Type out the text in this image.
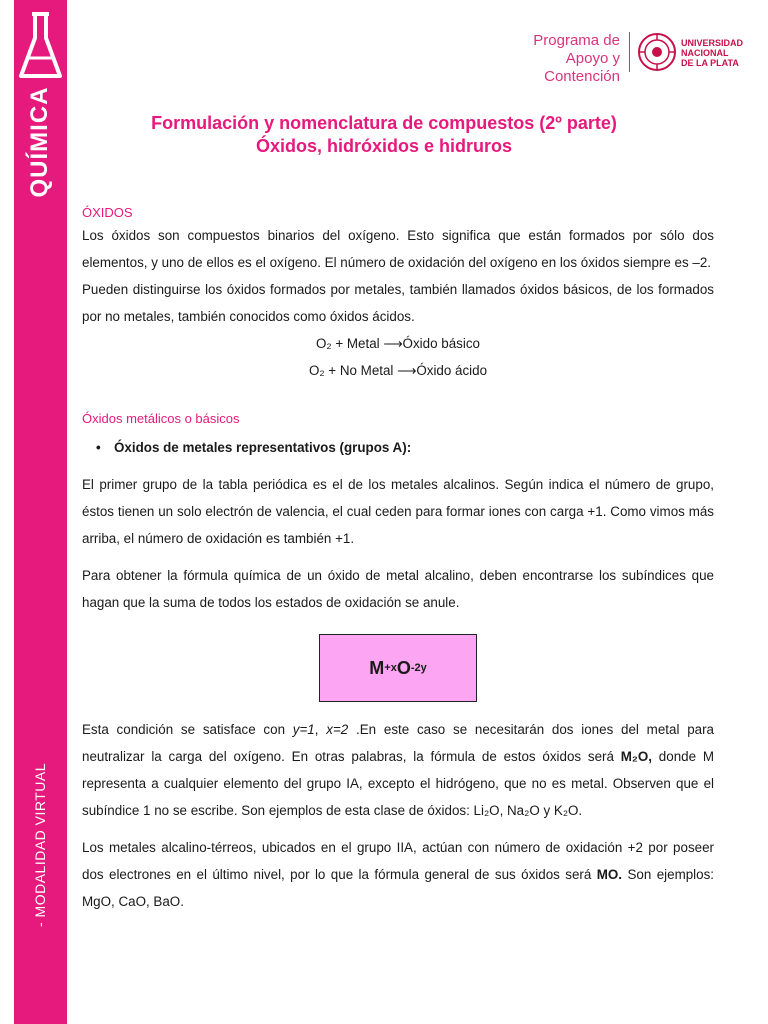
QUÍMICA
- MODALIDAD VIRTUAL
Programa de
Apoyo y Contención
UNIVERSIDAD
NACIONAL
DE LA PLATA
Formulación y nomenclatura de compuestos (2º parte)
Óxidos, hidróxidos e hidruros
ÓXIDOS

Los óxidos son compuestos binarios del oxígeno. Esto significa que están formados por sólo dos elementos, y uno de ellos es el oxígeno. El número de oxidación del oxígeno en los óxidos siempre es –2.

Pueden distinguirse los óxidos formados por metales, también llamados óxidos básicos, de los formados por no metales, también conocidos como óxidos ácidos.

O₂ + Metal ⟶Óxido básico

O₂ + No Metal ⟶Óxido ácido

Óxidos metálicos o básicos
• Óxidos de metales representativos (grupos A):

El primer grupo de la tabla periódica es el de los metales alcalinos. Según indica el número de grupo, éstos tienen un solo electrón de valencia, el cual ceden para formar iones con carga +1. Como vimos más arriba, el número de oxidación es también +1.

Para obtener la fórmula química de un óxido de metal alcalino, deben encontrarse los subíndices que hagan que la suma de todos los estados de oxidación se anule.

M + x O -2 y

Esta condición se satisface con y=1, x=2 .En este caso se necesitarán dos iones del metal para neutralizar la carga del oxígeno. En otras palabras, la fórmula de estos óxidos será M₂O, donde M representa a cualquier elemento del grupo IA, excepto el hidrógeno, que no es metal. Observen que el subíndice 1 no se escribe. Son ejemplos de esta clase de óxidos: Li₂O, Na₂O y K₂O.

Los metales alcalino-térreos, ubicados en el grupo IIA, actúan con número de oxidación +2 por poseer dos electrones en el último nivel, por lo que la fórmula general de sus óxidos será MO. Son ejemplos: MgO, CaO, BaO.
